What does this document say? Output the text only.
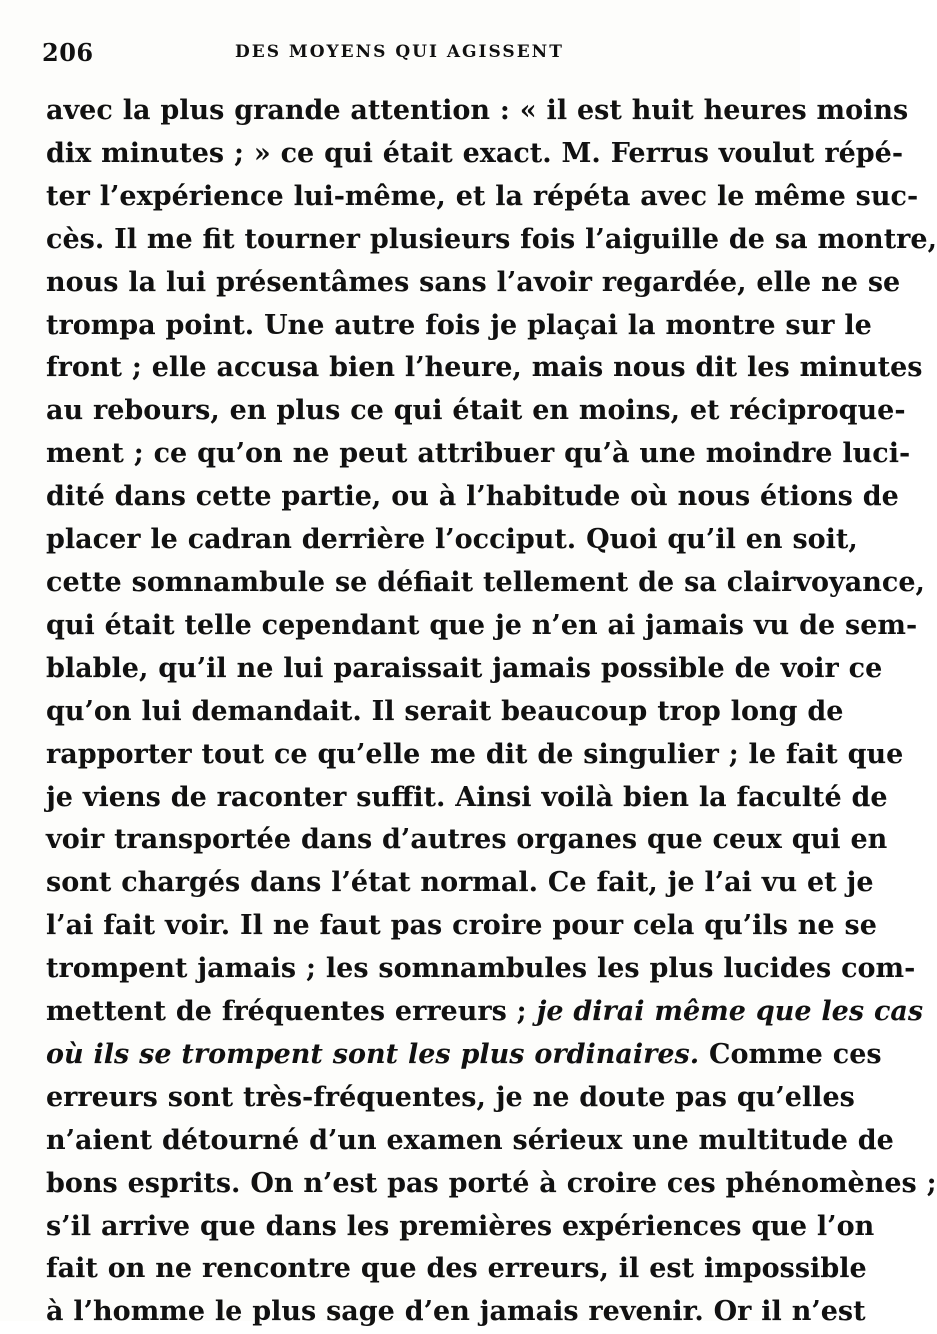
206	DES MOYENS QUI AGISSENT
avec la plus grande attention : « il est huit heures moins
dix minutes ; » ce qui était exact. M. Ferrus voulut répé-
ter l’expérience lui-même, et la répéta avec le même suc-
cès. Il me fit tourner plusieurs fois l’aiguille de sa montre,
nous la lui présentâmes sans l’avoir regardée, elle ne se
trompa point. Une autre fois je plaçai la montre sur le
front ; elle accusa bien l’heure, mais nous dit les minutes
au rebours, en plus ce qui était en moins, et réciproque-
ment ; ce qu’on ne peut attribuer qu’à une moindre luci-
dité dans cette partie, ou à l’habitude où nous étions de
placer le cadran derrière l’occiput. Quoi qu’il en soit,
cette somnambule se défiait tellement de sa clairvoyance,
qui était telle cependant que je n’en ai jamais vu de sem-
blable, qu’il ne lui paraissait jamais possible de voir ce
qu’on lui demandait. Il serait beaucoup trop long de
rapporter tout ce qu’elle me dit de singulier ; le fait que
je viens de raconter suffit. Ainsi voilà bien la faculté de
voir transportée dans d’autres organes que ceux qui en
sont chargés dans l’état normal. Ce fait, je l’ai vu et je
l’ai fait voir. Il ne faut pas croire pour cela qu’ils ne se
trompent jamais ; les somnambules les plus lucides com-
mettent de fréquentes erreurs ; je dirai même que les cas
où ils se trompent sont les plus ordinaires. Comme ces
erreurs sont très-fréquentes, je ne doute pas qu’elles
n’aient détourné d’un examen sérieux une multitude de
bons esprits. On n’est pas porté à croire ces phénomènes ;
s’il arrive que dans les premières expériences que l’on
fait on ne rencontre que des erreurs, il est impossible
à l’homme le plus sage d’en jamais revenir. Or il n’est
